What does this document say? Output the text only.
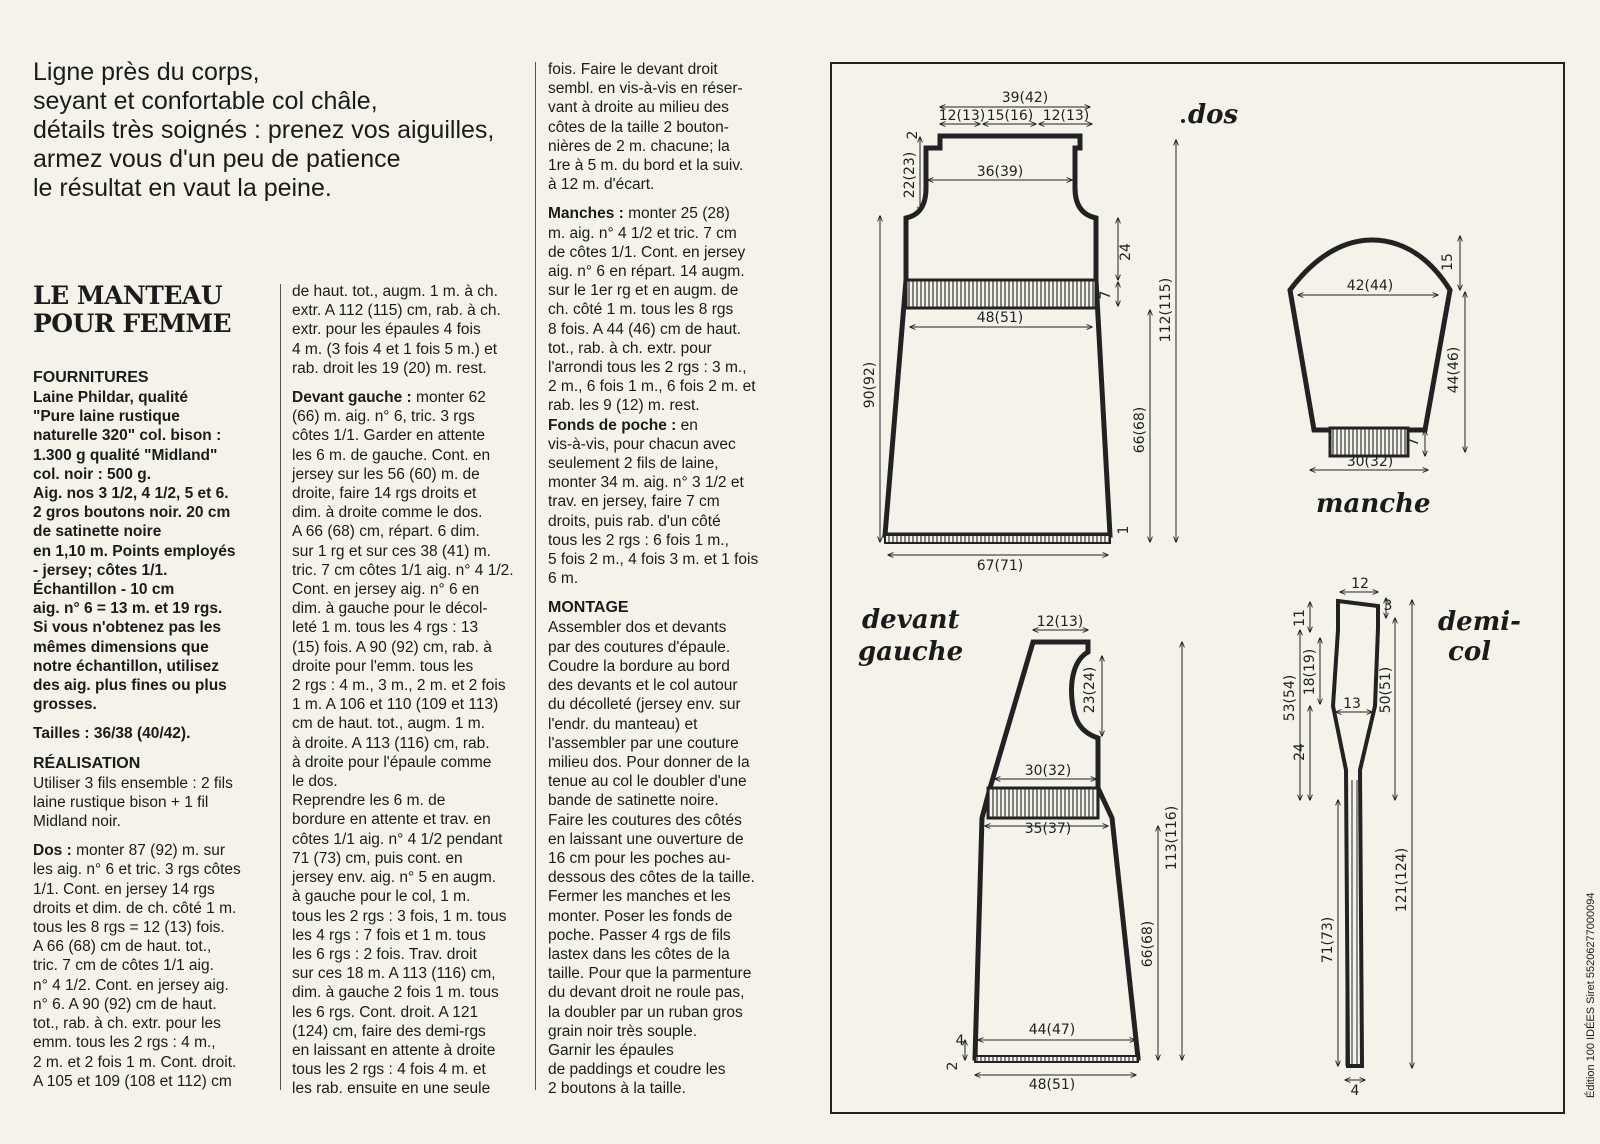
Ligne près du corps,
seyant et confortable col châle,
détails très soignés : prenez vos aiguilles,
armez vous d'un peu de patience
le résultat en vaut la peine.
LE MANTEAU
POUR FEMME
FOURNITURES
Laine Phildar, qualité
"Pure laine rustique
naturelle 320" col. bison :
1.300 g qualité "Midland"
col. noir : 500 g.
Aig. nos 3 1/2, 4 1/2, 5 et 6.
2 gros boutons noir. 20 cm
de satinette noire
en 1,10 m. Points employés
- jersey; côtes 1/1.
Échantillon - 10 cm
aig. n° 6 = 13 m. et 19 rgs.
Si vous n'obtenez pas les
mêmes dimensions que
notre échantillon, utilisez
des aig. plus fines ou plus
grosses.

Tailles : 36/38 (40/42).

RÉALISATION
Utiliser 3 fils ensemble : 2 fils
laine rustique bison + 1 fil
Midland noir.
Dos : monter 87 (92) m. sur
les aig. n° 6 et tric. 3 rgs côtes
1/1. Cont. en jersey 14 rgs
droits et dim. de ch. côté 1 m.
tous les 8 rgs = 12 (13) fois.
A 66 (68) cm de haut. tot.,
tric. 7 cm de côtes 1/1 aig.
n° 4 1/2. Cont. en jersey aig.
n° 6. A 90 (92) cm de haut.
tot., rab. à ch. extr. pour les
emm. tous les 2 rgs : 4 m.,
2 m. et 2 fois 1 m. Cont. droit.
A 105 et 109 (108 et 112) cm
de haut. tot., augm. 1 m. à ch.
extr. A 112 (115) cm, rab. à ch.
extr. pour les épaules 4 fois
4 m. (3 fois 4 et 1 fois 5 m.) et
rab. droit les 19 (20) m. rest.
Devant gauche : monter 62
(66) m. aig. n° 6, tric. 3 rgs
côtes 1/1. Garder en attente
les 6 m. de gauche. Cont. en
jersey sur les 56 (60) m. de
droite, faire 14 rgs droits et
dim. à droite comme le dos.
A 66 (68) cm, répart. 6 dim.
sur 1 rg et sur ces 38 (41) m.
tric. 7 cm côtes 1/1 aig. n° 4 1/2.
Cont. en jersey aig. n° 6 en
dim. à gauche pour le décol-
leté 1 m. tous les 4 rgs : 13
(15) fois. A 90 (92) cm, rab. à
droite pour l'emm. tous les
2 rgs : 4 m., 3 m., 2 m. et 2 fois
1 m. A 106 et 110 (109 et 113)
cm de haut. tot., augm. 1 m.
à droite. A 113 (116) cm, rab.
à droite pour l'épaule comme
le dos.
Reprendre les 6 m. de
bordure en attente et trav. en
côtes 1/1 aig. n° 4 1/2 pendant
71 (73) cm, puis cont. en
jersey env. aig. n° 5 en augm.
à gauche pour le col, 1 m.
tous les 2 rgs : 3 fois, 1 m. tous
les 4 rgs : 7 fois et 1 m. tous
les 6 rgs : 2 fois. Trav. droit
sur ces 18 m. A 113 (116) cm,
dim. à gauche 2 fois 1 m. tous
les 6 rgs. Cont. droit. A 121
(124) cm, faire des demi-rgs
en laissant en attente à droite
tous les 2 rgs : 4 fois 4 m. et
les rab. ensuite en une seule
fois. Faire le devant droit
sembl. en vis-à-vis en réser-
vant à droite au milieu des
côtes de la taille 2 bouton-
nières de 2 m. chacune; la
1re à 5 m. du bord et la suiv.
à 12 m. d'écart.
Manches : monter 25 (28)
m. aig. n° 4 1/2 et tric. 7 cm
de côtes 1/1. Cont. en jersey
aig. n° 6 en répart. 14 augm.
sur le 1er rg et en augm. de
ch. côté 1 m. tous les 8 rgs
8 fois. A 44 (46) cm de haut.
tot., rab. à ch. extr. pour
l'arrondi tous les 2 rgs : 3 m.,
2 m., 6 fois 1 m., 6 fois 2 m. et
rab. les 9 (12) m. rest.
Fonds de poche : en
vis-à-vis, pour chacun avec
seulement 2 fils de laine,
monter 34 m. aig. n° 3 1/2 et
trav. en jersey, faire 7 cm
droits, puis rab. d'un côté
tous les 2 rgs : 6 fois 1 m.,
5 fois 2 m., 4 fois 3 m. et 1 fois
6 m.
MONTAGE
Assembler dos et devants
par des coutures d'épaule.
Coudre la bordure au bord
des devants et le col autour
du décolleté (jersey env. sur
l'endr. du manteau) et
l'assembler par une couture
milieu dos. Pour donner de la
tenue au col le doubler d'une
bande de satinette noire.
Faire les coutures des côtés
en laissant une ouverture de
16 cm pour les poches au-
dessous des côtes de la taille.
Fermer les manches et les
monter. Poser les fonds de
poche. Passer 4 rgs de fils
lastex dans les côtes de la
taille. Pour que la parmenture
du devant droit ne roule pas,
la doubler par un ruban gros
grain noir très souple.
Garnir les épaules
de paddings et coudre les
2 boutons à la taille.
39(42)
12(13) 15(16) 12(13)
2
22(23)	36(39)
24
7
48(51)	112(115)
90(92)
66(68)
1
67(71)
dos
42(44)
15
44(46)
7
30(32)
manche
devant
gauche
12(13)
23(24)
30(32)
35(37)	113(116)
66(68)
44(47)
48(51)
4
2
demi-
col
12
3
11
53(54)
18(19)
24
13 50(51)
121(124)
71(73)
4	Édition 100 IDÉES Siret 55206277000094
